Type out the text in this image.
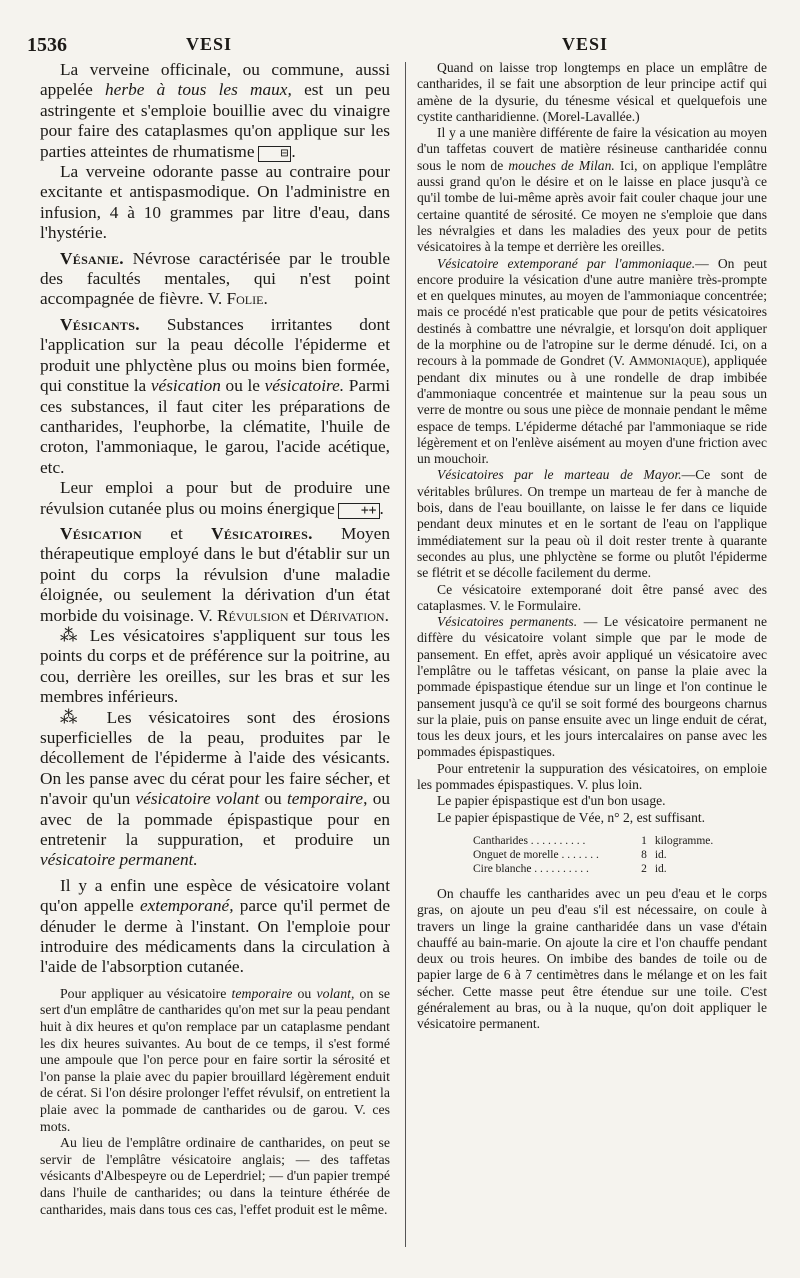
1536	VESI	VESI

La verveine officinale, ou commune, aussi appelée herbe à tous les maux, est un peu astringente et s'emploie bouillie avec du vinaigre pour faire des cataplasmes qu'on applique sur les parties atteintes de rhumatisme ⊟ .

La verveine odorante passe au contraire pour excitante et antispasmodique. On l'administre en infusion, 4 à 10 grammes par litre d'eau, dans l'hystérie.

Vésanie. Névrose caractérisée par le trouble des facultés mentales, qui n'est point accompagnée de fièvre. V. Folie.

Vésicants. Substances irritantes dont l'application sur la peau décolle l'épiderme et produit une phlyctène plus ou moins bien formée, qui constitue la vésication ou le vésicatoire. Parmi ces substances, il faut citer les préparations de cantharides, l'euphorbe, la clématite, l'huile de croton, l'ammoniaque, le garou, l'acide acétique, etc.

Leur emploi a pour but de produire une révulsion cutanée plus ou moins énergique ++ .

Vésication et Vésicatoires. Moyen thérapeutique employé dans le but d'établir sur un point du corps la révulsion d'une maladie éloignée, ou seulement la dérivation d'un état morbide du voisinage. V. Révulsion et Dérivation.

⁂ Les vésicatoires s'appliquent sur tous les points du corps et de préférence sur la poitrine, au cou, derrière les oreilles, sur les bras et sur les membres inférieurs.

⁂ Les vésicatoires sont des érosions superficielles de la peau, produites par le décollement de l'épiderme à l'aide des vésicants. On les panse avec du cérat pour les faire sécher, et n'avoir qu'un vésicatoire volant ou temporaire, ou avec de la pommade épispastique pour en entretenir la suppuration, et produire un vésicatoire permanent.

Il y a enfin une espèce de vésicatoire volant qu'on appelle extemporané, parce qu'il permet de dénuder le derme à l'instant. On l'emploie pour introduire des médicaments dans la circulation à l'aide de l'absorption cutanée.

Pour appliquer au vésicatoire temporaire ou volant, on se sert d'un emplâtre de cantharides qu'on met sur la peau pendant huit à dix heures et qu'on remplace par un cataplasme pendant les dix heures suivantes. Au bout de ce temps, il s'est formé une ampoule que l'on perce pour en faire sortir la sérosité et l'on panse la plaie avec du papier brouillard légèrement enduit de cérat. Si l'on désire prolonger l'effet révulsif, on entretient la plaie avec la pommade de cantharides ou de garou. V. ces mots.

Au lieu de l'emplâtre ordinaire de cantharides, on peut se servir de l'emplâtre vésicatoire anglais; — des taffetas vésicants d'Albespeyre ou de Leperdriel; — d'un papier trempé dans l'huile de cantharides; ou dans la teinture éthérée de cantharides, mais dans tous ces cas, l'effet produit est le même.

Quand on laisse trop longtemps en place un emplâtre de cantharides, il se fait une absorption de leur principe actif qui amène de la dysurie, du ténesme vésical et quelquefois une cystite cantharidienne. (Morel-Lavallée.)

Il y a une manière différente de faire la vésication au moyen d'un taffetas couvert de matière résineuse cantharidée connu sous le nom de mouches de Milan. Ici, on applique l'emplâtre aussi grand qu'on le désire et on le laisse en place jusqu'à ce qu'il tombe de lui-même après avoir fait couler chaque jour une certaine quantité de sérosité. Ce moyen ne s'emploie que dans les névralgies et dans les maladies des yeux pour de petits vésicatoires à la tempe et derrière les oreilles.

Vésicatoire extemporané par l'ammoniaque.— On peut encore produire la vésication d'une autre manière très-prompte et en quelques minutes, au moyen de l'ammoniaque concentrée; mais ce procédé n'est praticable que pour de petits vésicatoires destinés à combattre une névralgie, et lorsqu'on doit appliquer de la morphine ou de l'atropine sur le derme dénudé. Ici, on a recours à la pommade de Gondret (V. Ammoniaque), appliquée pendant dix minutes ou à une rondelle de drap imbibée d'ammoniaque concentrée et maintenue sur la peau sous un verre de montre ou sous une pièce de monnaie pendant le même espace de temps. L'épiderme détaché par l'ammoniaque se ride légèrement et on l'enlève aisément au moyen d'une friction avec un mouchoir.

Vésicatoires par le marteau de Mayor.—Ce sont de véritables brûlures. On trempe un marteau de fer à manche de bois, dans de l'eau bouillante, on laisse le fer dans ce liquide pendant deux minutes et en le sortant de l'eau on l'applique immédiatement sur la peau où il doit rester trente à quarante secondes au plus, une phlyctène se forme ou plutôt l'épiderme se flétrit et se décolle facilement du derme.

Ce vésicatoire extemporané doit être pansé avec des cataplasmes. V. le Formulaire.

Vésicatoires permanents. — Le vésicatoire permanent ne diffère du vésicatoire volant simple que par le mode de pansement. En effet, après avoir appliqué un vésicatoire avec l'emplâtre ou le taffetas vésicant, on panse la plaie avec la pommade épispastique étendue sur un linge et l'on continue le pansement jusqu'à ce qu'il se soit formé des bourgeons charnus sur la plaie, puis on panse ensuite avec un linge enduit de cérat, tous les deux jours, et les jours intercalaires on panse avec les pommades épispastiques.

Pour entretenir la suppuration des vésicatoires, on emploie les pommades épispastiques. V. plus loin.

Le papier épispastique est d'un bon usage.

Le papier épispastique de Vée, n° 2, est suffisant.

Cantharides . . . . . . . . . .	1	kilogramme.
Onguet de morelle . . . . . . .	8	id.
Cire blanche . . . . . . . . . .	2	id.

On chauffe les cantharides avec un peu d'eau et le corps gras, on ajoute un peu d'eau s'il est nécessaire, on coule à travers un linge la graine cantharidée dans un vase d'étain chauffé au bain-marie. On ajoute la cire et l'on chauffe pendant deux ou trois heures. On imbibe des bandes de toile ou de papier large de 6 à 7 centimètres dans le mélange et on les fait sécher. Cette masse peut être étendue sur une toile. C'est généralement au bras, ou à la nuque, qu'on doit appliquer le vésicatoire permanent.
